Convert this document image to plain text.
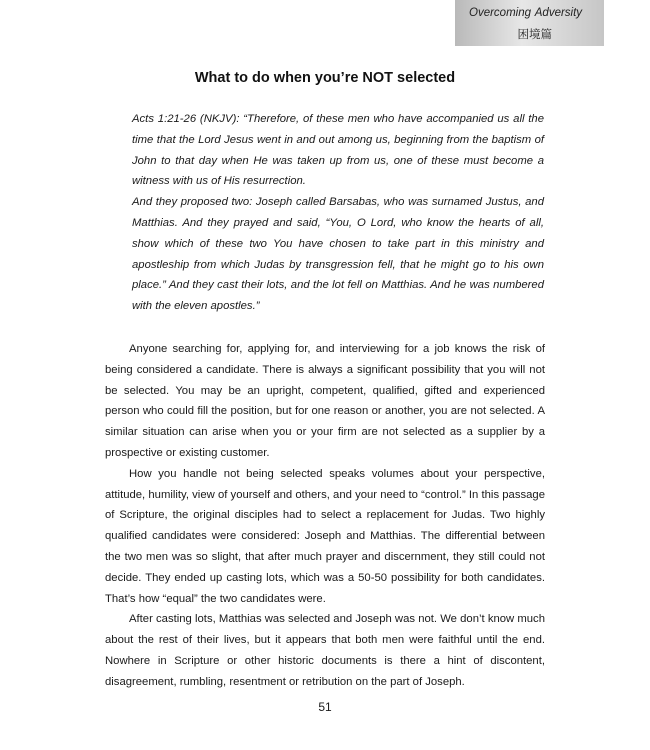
Overcoming Adversity
困境篇
What to do when you’re NOT selected

Acts 1:21-26 (NKJV): “Therefore, of these men who have accompanied us all the time that the Lord Jesus went in and out among us, beginning from the baptism of John to that day when He was taken up from us, one of these must become a witness with us of His resurrection.

And they proposed two: Joseph called Barsabas, who was surnamed Justus, and Matthias. And they prayed and said, “You, O Lord, who know the hearts of all, show which of these two You have chosen to take part in this ministry and apostleship from which Judas by transgression fell, that he might go to his own place.” And they cast their lots, and the lot fell on Matthias. And he was numbered with the eleven apostles.”

Anyone searching for, applying for, and interviewing for a job knows the risk of being considered a candidate. There is always a significant possibility that you will not be selected. You may be an upright, competent, qualified, gifted and experienced person who could fill the position, but for one reason or another, you are not selected. A similar situation can arise when you or your firm are not selected as a supplier by a prospective or existing customer.

How you handle not being selected speaks volumes about your perspective, attitude, humility, view of yourself and others, and your need to “control.” In this passage of Scripture, the original disciples had to select a replacement for Judas. Two highly qualified candidates were considered: Joseph and Matthias. The differential between the two men was so slight, that after much prayer and discernment, they still could not decide. They ended up casting lots, which was a 50-50 possibility for both candidates. That’s how “equal” the two candidates were.

After casting lots, Matthias was selected and Joseph was not. We don’t know much about the rest of their lives, but it appears that both men were faithful until the end. Nowhere in Scripture or other historic documents is there a hint of discontent, disagreement, rumbling, resentment or retribution on the part of Joseph.

51
